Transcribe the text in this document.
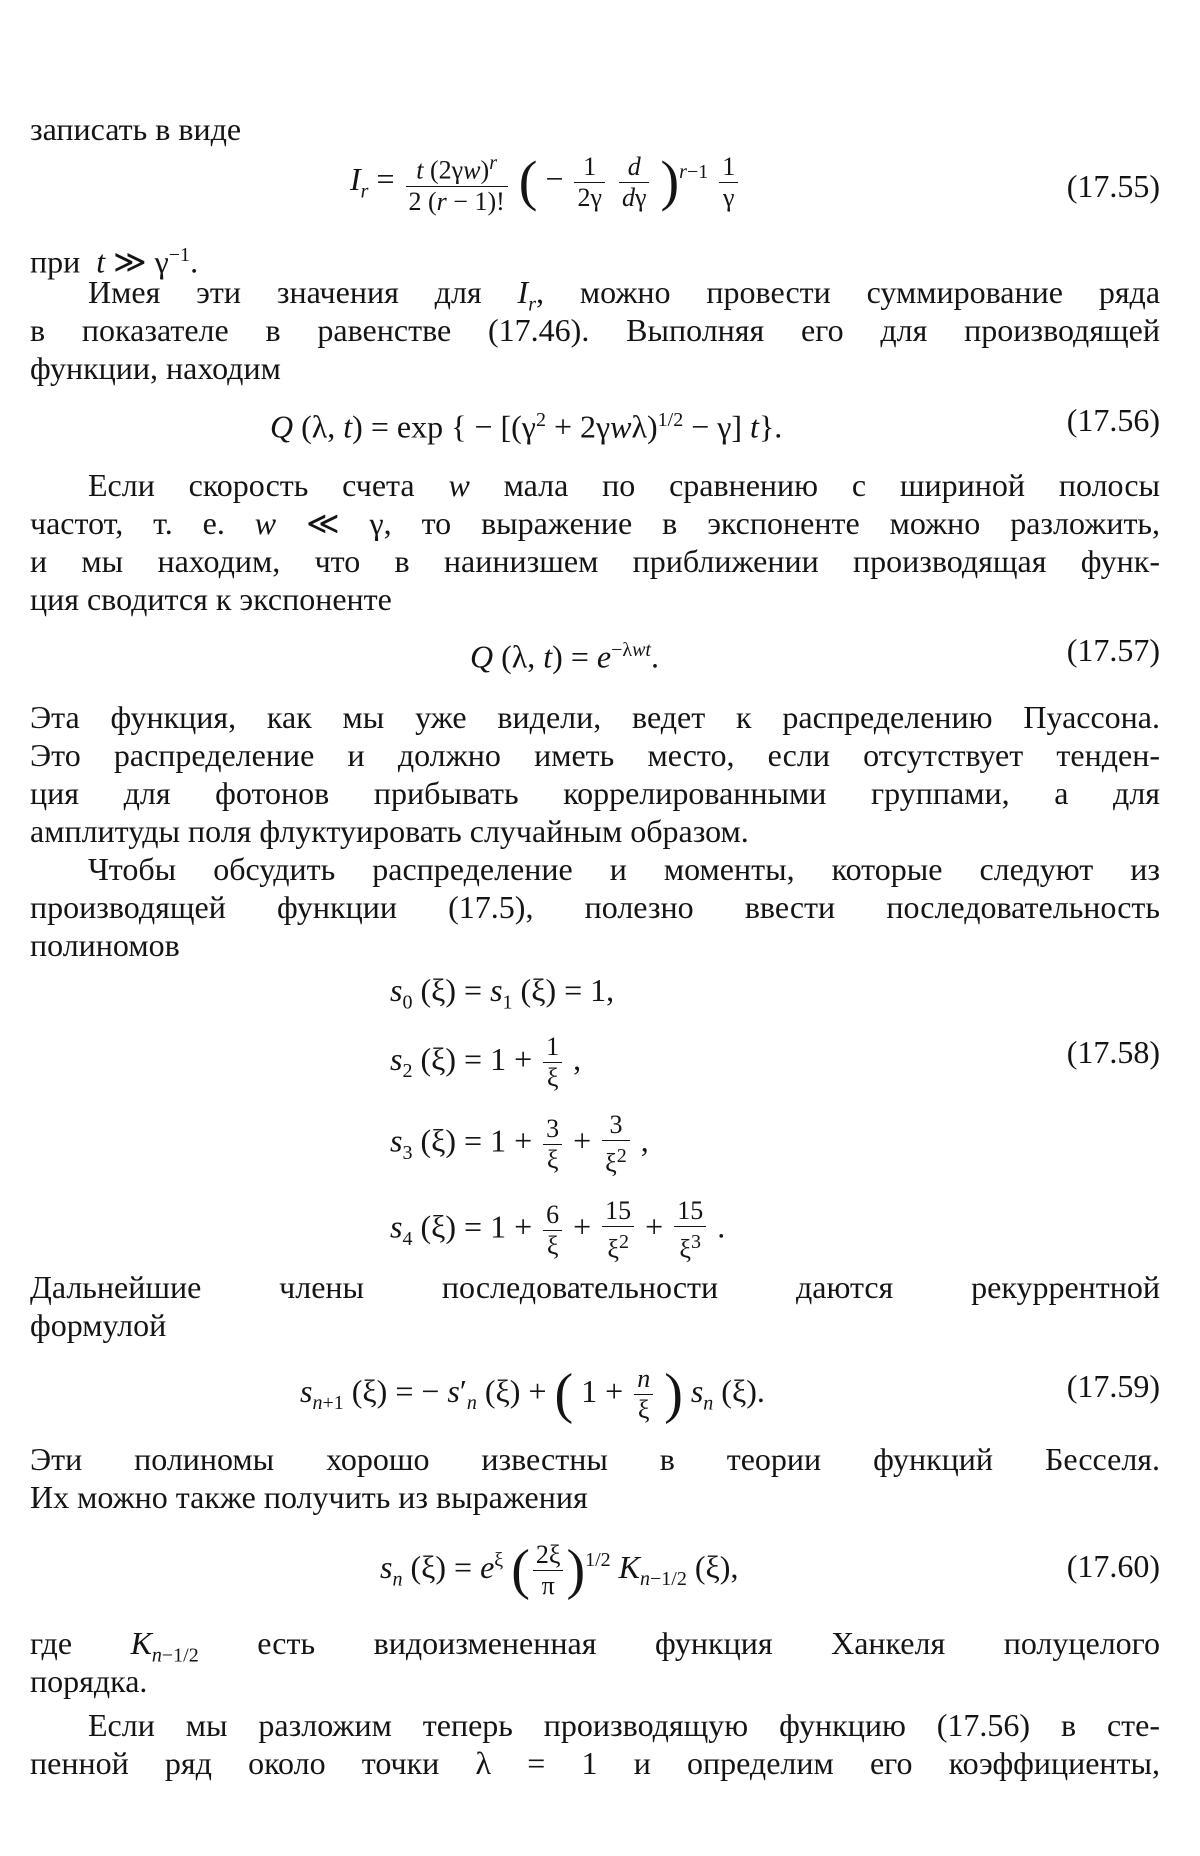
записать в виде
$I_r = \frac{t (2\gamma w)^r}{2 (r - 1)!}$ ( − $\frac{1}{2\gamma}$
$\frac{d}{d\gamma} )^{r-1} \frac{1}{\gamma}$	(17.55)
при t ≫ $\gamma^{-1}$.
Имея эти значения для $I_r$, можно провести суммирование ряда
в показателе в равенстве (17.46). Выполняя его для производящей
функции, находим
Q (λ, t) = exp { − $[(\gamma^2 + 2\gamma w\lambda)^{1/2} - \gamma]$ t}.	(17.56)
Если скорость счета w мала по сравнению с шириной полосы
частот, т. е. w ≪ γ, то выражение в экспоненте можно разложить,
и мы находим, что в наинизшем приближении производящая функ-
ция сводится к экспоненте
Q (λ, $t) = e^{-\lambda wt}$.	(17.57)
Эта функция, как мы уже видели, ведет к распределению Пуассона.
Это распределение и должно иметь место, если отсутствует тенден-
ция для фотонов прибывать коррелированными группами, а для
амплитуды поля флуктуировать случайным образом.
Чтобы обсудить распределение и моменты, которые следуют из
производящей функции (17.5), полезно ввести последовательность
полиномов
$s_0$ $(\xi) = s_1$ (ξ) = 1,
$s_2$ $(\xi) = 1 + \frac{1}{\xi}$ ,	(17.58)
$s_3$ $(\xi) = 1 + \frac{3}{\xi} + \frac{3}{\xi^2}$ ,
$s_4$ $(\xi) = 1 + \frac{6}{\xi} + \frac{15}{\xi^2} + \frac{15}{\xi^3}$ .
Дальнейшие члены последовательности даются рекуррентной
формулой
$s_{n+1}$ (ξ) = − $s'_n$ (ξ) + ( $1 + \frac{n}{\xi}$ ) $s_n$ (ξ).	(17.59)
Эти полиномы хорошо известны в теории функций Бесселя.
Их можно также получить из выражения
$s_n$ $(\xi) = e^\xi$ ( $\frac{2\xi}{\pi} )^{1/2}$ $K_{n-1/2}$ (ξ),	(17.60)
где $K_{n-1/2}$ есть видоизмененная функция Ханкеля полуцелого
порядка.
Если мы разложим теперь производящую функцию (17.56) в сте-
пенной ряд около точки λ = 1 и определим его коэффициенты,
